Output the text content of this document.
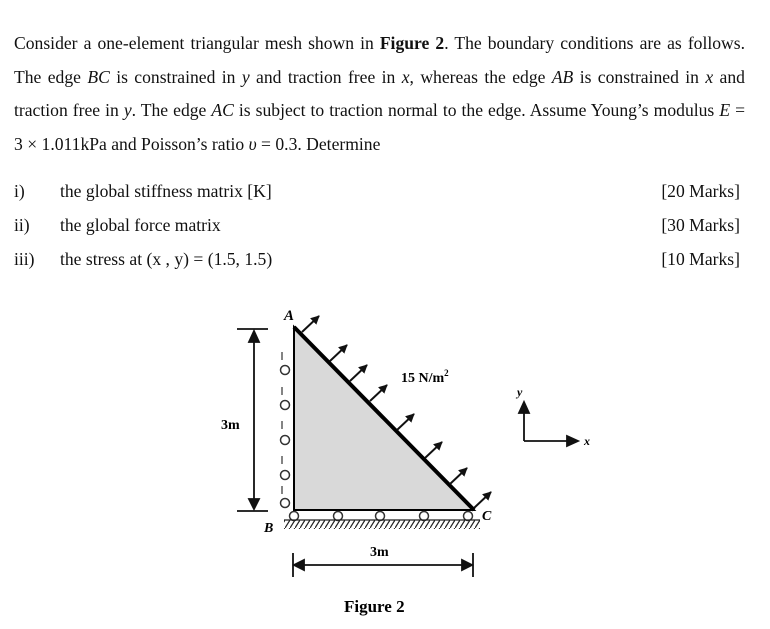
Consider a one-element triangular mesh shown in Figure 2. The boundary conditions are as follows. The edge BC is constrained in y and traction free in x, whereas the edge AB is constrained in x and traction free in y. The edge AC is subject to traction normal to the edge. Assume Young’s modulus E = 3 × 1.011kPa and Poisson’s ratio υ = 0.3. Determine
i) the global stiffness matrix [K]	[20 Marks]
ii) the global force matrix	[30 Marks]
iii) the stress at (x , y) = (1.5, 1.5)	[10 Marks]
3m
3m
A
B
C
15 $N/m^2$
y
x
Figure 2
